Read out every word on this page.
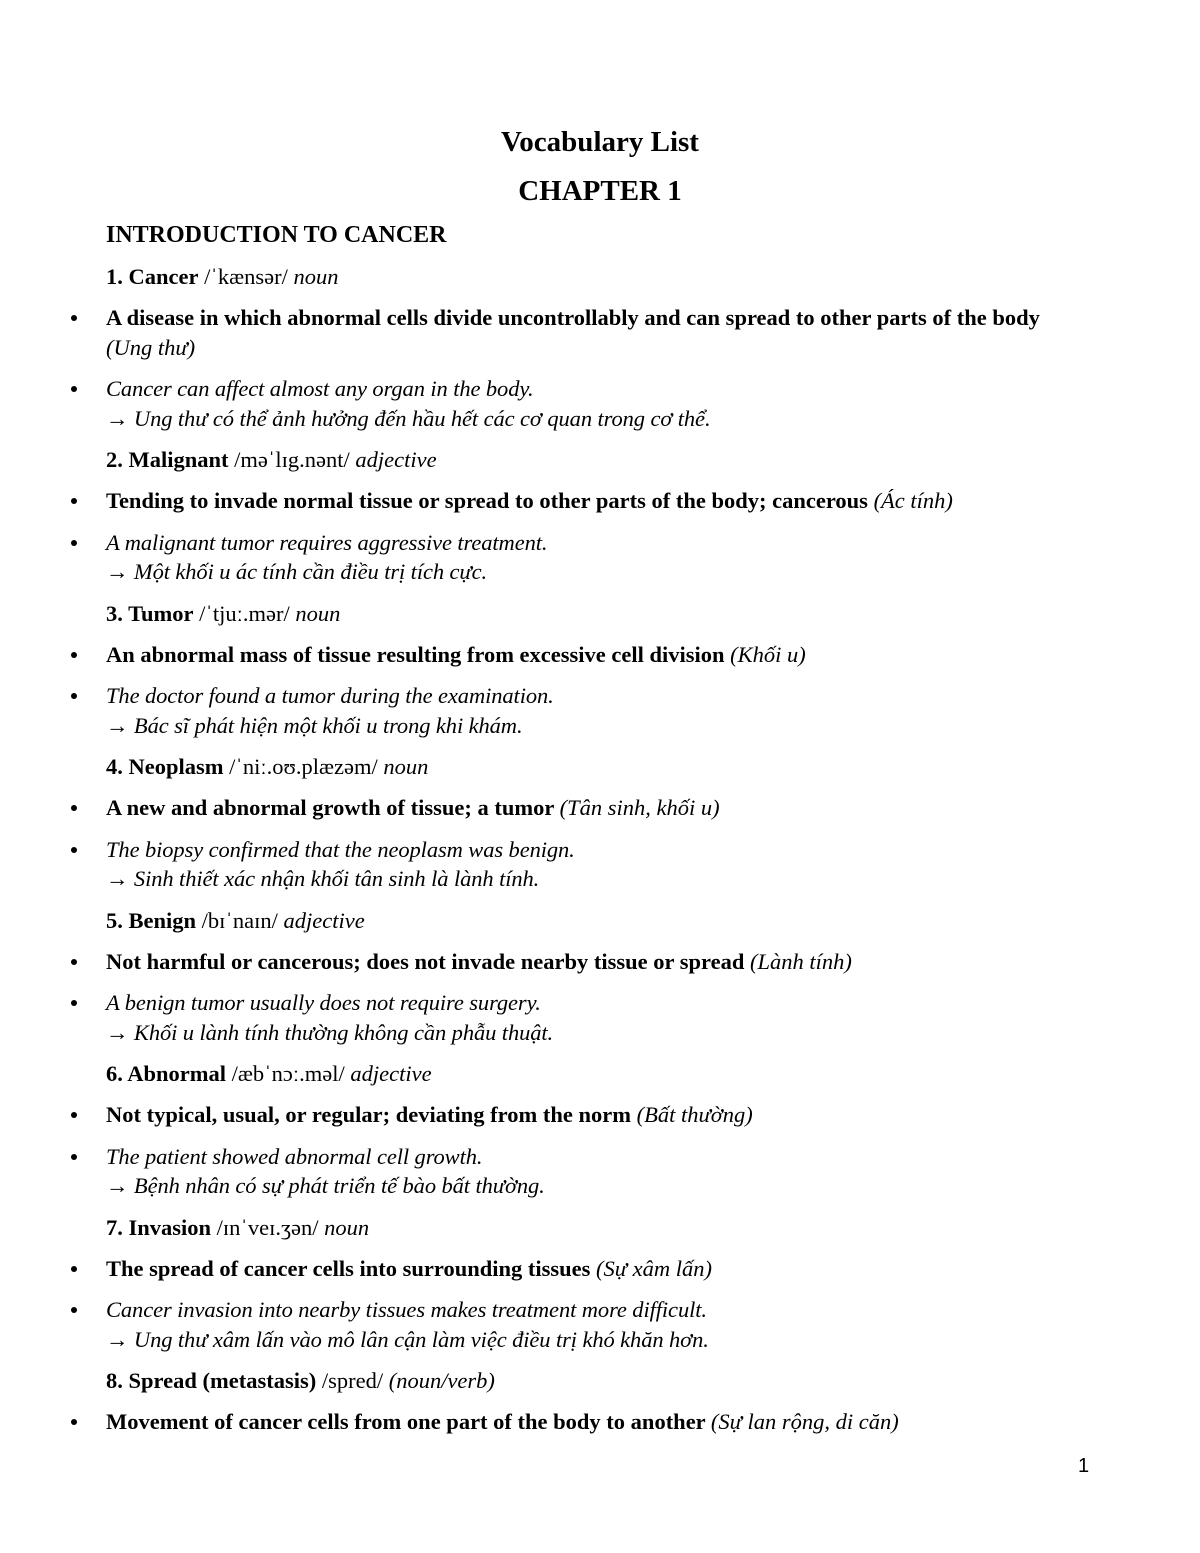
Vocabulary List
CHAPTER 1
INTRODUCTION TO CANCER
1. Cancer /ˈkænsər/ noun
A disease in which abnormal cells divide uncontrollably and can spread to other parts of the body (Ung thư)
Cancer can affect almost any organ in the body.
→ Ung thư có thể ảnh hưởng đến hầu hết các cơ quan trong cơ thể.
2. Malignant /məˈlɪg.nənt/ adjective
Tending to invade normal tissue or spread to other parts of the body; cancerous (Ác tính)
A malignant tumor requires aggressive treatment.
→ Một khối u ác tính cần điều trị tích cực.
3. Tumor /ˈtjuː.mər/ noun
An abnormal mass of tissue resulting from excessive cell division (Khối u)
The doctor found a tumor during the examination.
→ Bác sĩ phát hiện một khối u trong khi khám.
4. Neoplasm /ˈniː.oʊ.plæzəm/ noun
A new and abnormal growth of tissue; a tumor (Tân sinh, khối u)
The biopsy confirmed that the neoplasm was benign.
→ Sinh thiết xác nhận khối tân sinh là lành tính.
5. Benign /bɪˈnaɪn/ adjective
Not harmful or cancerous; does not invade nearby tissue or spread (Lành tính)
A benign tumor usually does not require surgery.
→ Khối u lành tính thường không cần phẫu thuật.
6. Abnormal /æbˈnɔː.məl/ adjective
Not typical, usual, or regular; deviating from the norm (Bất thường)
The patient showed abnormal cell growth.
→ Bệnh nhân có sự phát triển tế bào bất thường.
7. Invasion /ɪnˈveɪ.ʒən/ noun
The spread of cancer cells into surrounding tissues (Sự xâm lấn)
Cancer invasion into nearby tissues makes treatment more difficult.
→ Ung thư xâm lấn vào mô lân cận làm việc điều trị khó khăn hơn.
8. Spread (metastasis) /spred/ (noun/verb)
Movement of cancer cells from one part of the body to another (Sự lan rộng, di căn)
1
